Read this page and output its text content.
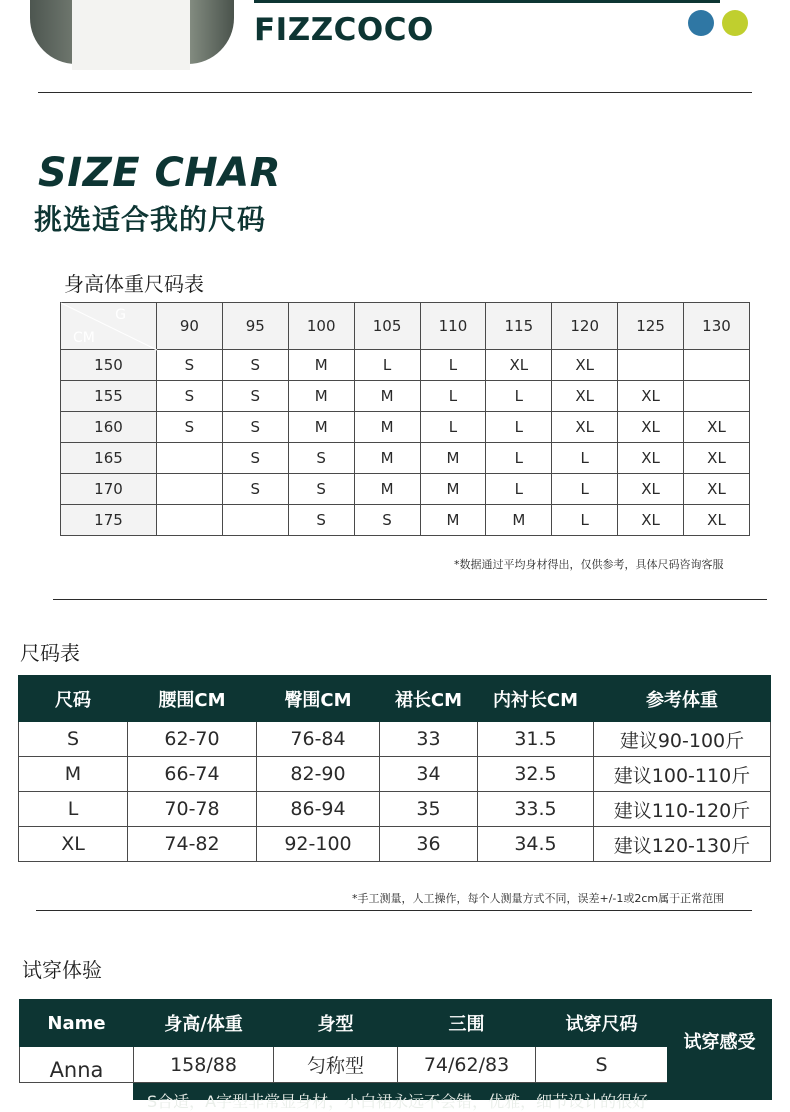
FIZZCOCO
SIZE CHAR
挑选适合我的尺码
身高体重尺码表
G
CM	90	95	100	105	110	115	120	125	130
150	S	S	M	L	L	XL	XL		
155	S	S	M	M	L	L	XL	XL	
160	S	S	M	M	L	L	XL	XL	XL
165		S	S	M	M	L	L	XL	XL
170		S	S	M	M	L	L	XL	XL
175			S	S	M	M	L	XL	XL
*数据通过平均身材得出，仅供参考，具体尺码咨询客服
尺码表
尺码	腰围CM	臀围CM	裙长CM	内衬长CM	参考体重
S	62-70	76-84	33	31.5	建议90-100斤
M	66-74	82-90	34	32.5	建议100-110斤
L	70-78	86-94	35	33.5	建议110-120斤
XL	74-82	92-100	36	34.5	建议120-130斤
*手工测量，人工操作，每个人测量方式不同，误差+/-1或2cm属于正常范围
试穿体验
Name	身高/体重	身型	三围	试穿尺码	试穿感受
Anna	158/88	匀称型	74/62/83	S	
S合适，A字型非常显身材，小白裙永远不会错，优雅，细节设计的很好
